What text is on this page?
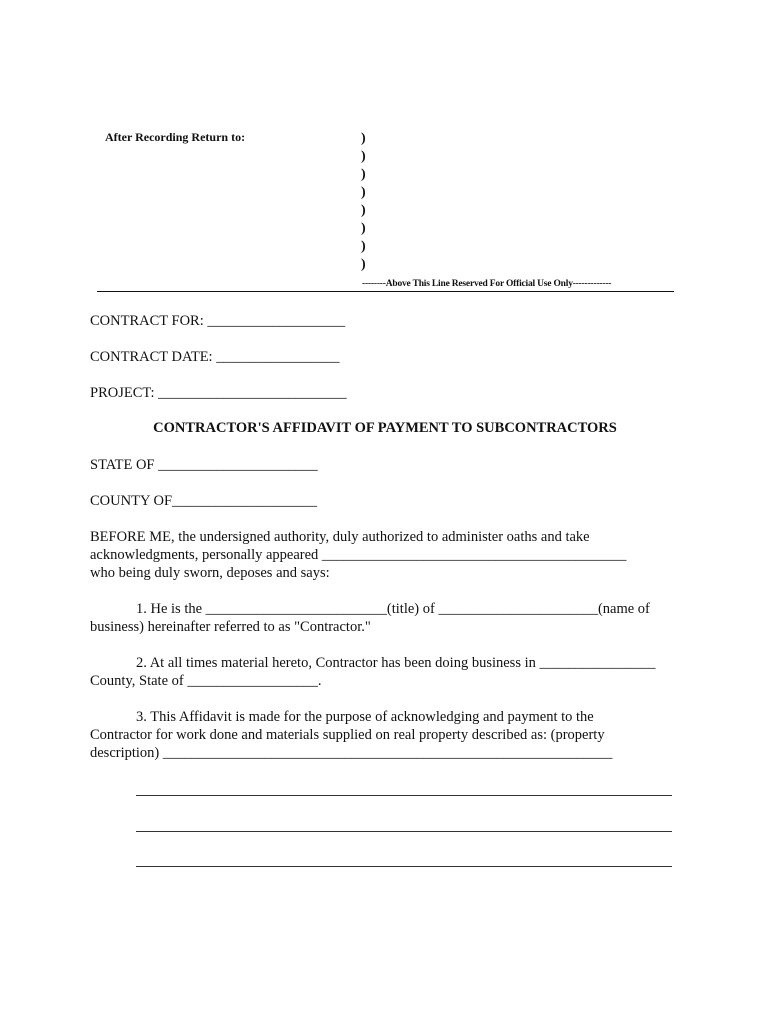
After Recording Return to:	)
)
)
)
)
)
)
)
--------Above This Line Reserved For Official Use Only-------------
CONTRACT FOR: ___________________
CONTRACT DATE: _________________
PROJECT: __________________________
CONTRACTOR'S AFFIDAVIT OF PAYMENT TO SUBCONTRACTORS
STATE OF ______________________
COUNTY OF____________________
BEFORE ME, the undersigned authority, duly authorized to administer oaths and take
acknowledgments, personally appeared __________________________________________
who being duly sworn, deposes and says:
1. He is the _________________________(title) of ______________________(name of
business) hereinafter referred to as "Contractor."
2. At all times material hereto, Contractor has been doing business in ________________
County, State of __________________.
3. This Affidavit is made for the purpose of acknowledging and payment to the
Contractor for work done and materials supplied on real property described as: (property
description) ______________________________________________________________
